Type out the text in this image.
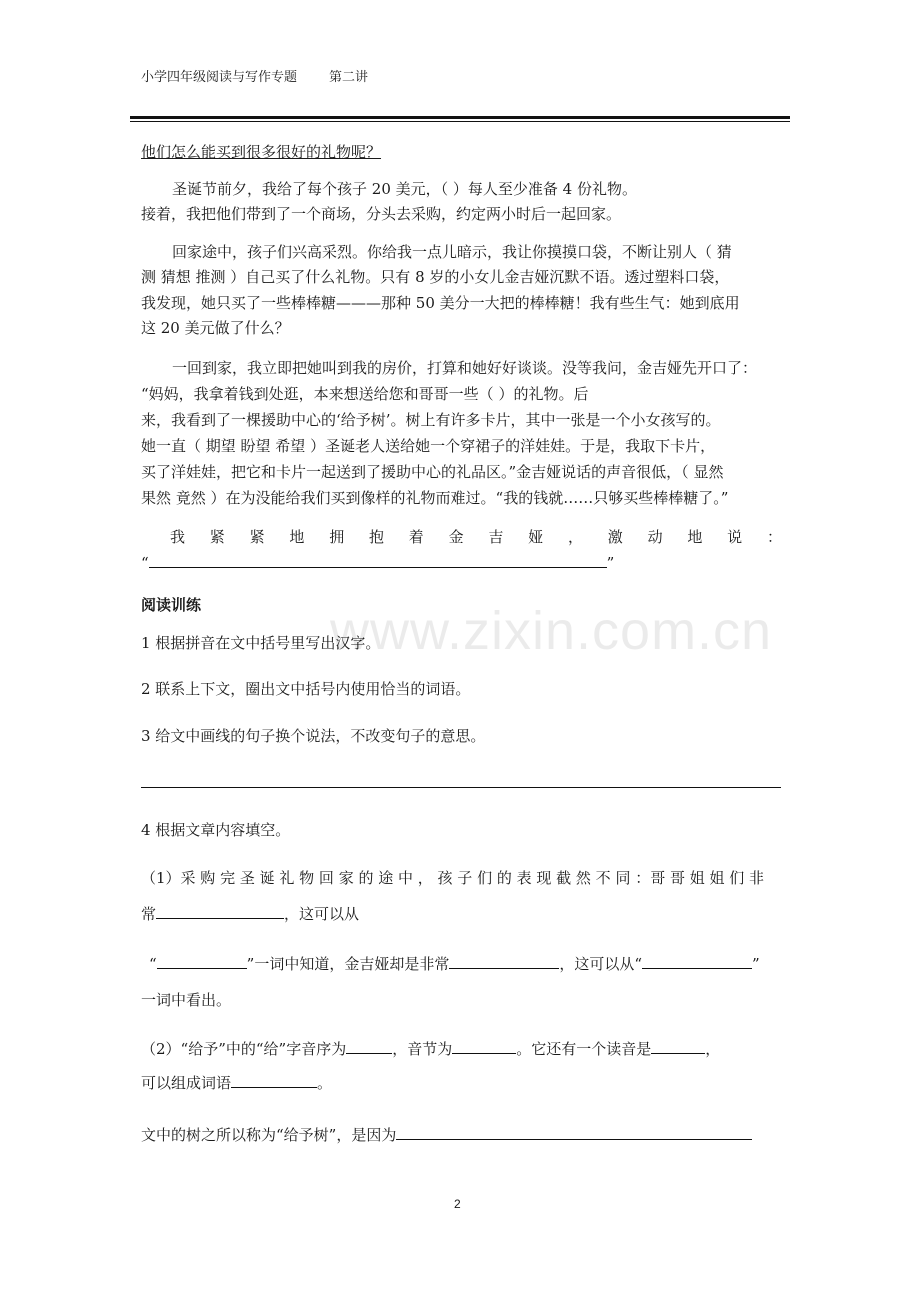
小学四年级阅读与写作专题 第二讲
他们怎么能买到很多很好的礼物呢？
圣诞节前夕，我给了每个孩子 20 美元，（ ）每人至少准备 4 份礼物。
接着，我把他们带到了一个商场，分头去采购，约定两小时后一起回家。
回家途中，孩子们兴高采烈。你给我一点儿暗示，我让你摸摸口袋，不断让别人（ 猜
测 猜想 推测 ）自己买了什么礼物。只有 8 岁的小女儿金吉娅沉默不语。透过塑料口袋，
我发现，她只买了一些棒棒糖———那种 50 美分一大把的棒棒糖！我有些生气：她到底用
这 20 美元做了什么？
一回到家，我立即把她叫到我的房价，打算和她好好谈谈。没等我问，金吉娅先开口了：
“妈妈，我拿着钱到处逛，本来想送给您和哥哥一些（ ）的礼物。后
来，我看到了一棵援助中心的‘给予树’。树上有许多卡片，其中一张是一个小女孩写的。
她一直（ 期望 盼望 希望 ）圣诞老人送给她一个穿裙子的洋娃娃。于是，我取下卡片，
买了洋娃娃，把它和卡片一起送到了援助中心的礼品区。”金吉娅说话的声音很低，（ 显然
果然 竟然 ）在为没能给我们买到像样的礼物而难过。“我的钱就……只够买些棒棒糖了。”
我 紧 紧 地 拥 抱 着 金 吉 娅 ， 激 动 地 说 ：
“	”
www.zixin.com.cn
阅读训练
1 根据拼音在文中括号里写出汉字。
2 联系上下文，圈出文中括号内使用恰当的词语。
3 给文中画线的句子换个说法，不改变句子的意思。
4 根据文章内容填空。
（1）采 购 完 圣 诞 礼 物 回 家 的 途 中 ， 孩 子 们 的 表 现 截 然 不 同 ：哥 哥 姐 姐 们 非
常	，这可以从
“	”一词中知道，金吉娅却是非常	，这可以从“	”
一词中看出。
（2）“给予”中的“给”字音序为	，音节为	。它还有一个读音是	，
可以组成词语	。
文中的树之所以称为“给予树”，是因为
2
